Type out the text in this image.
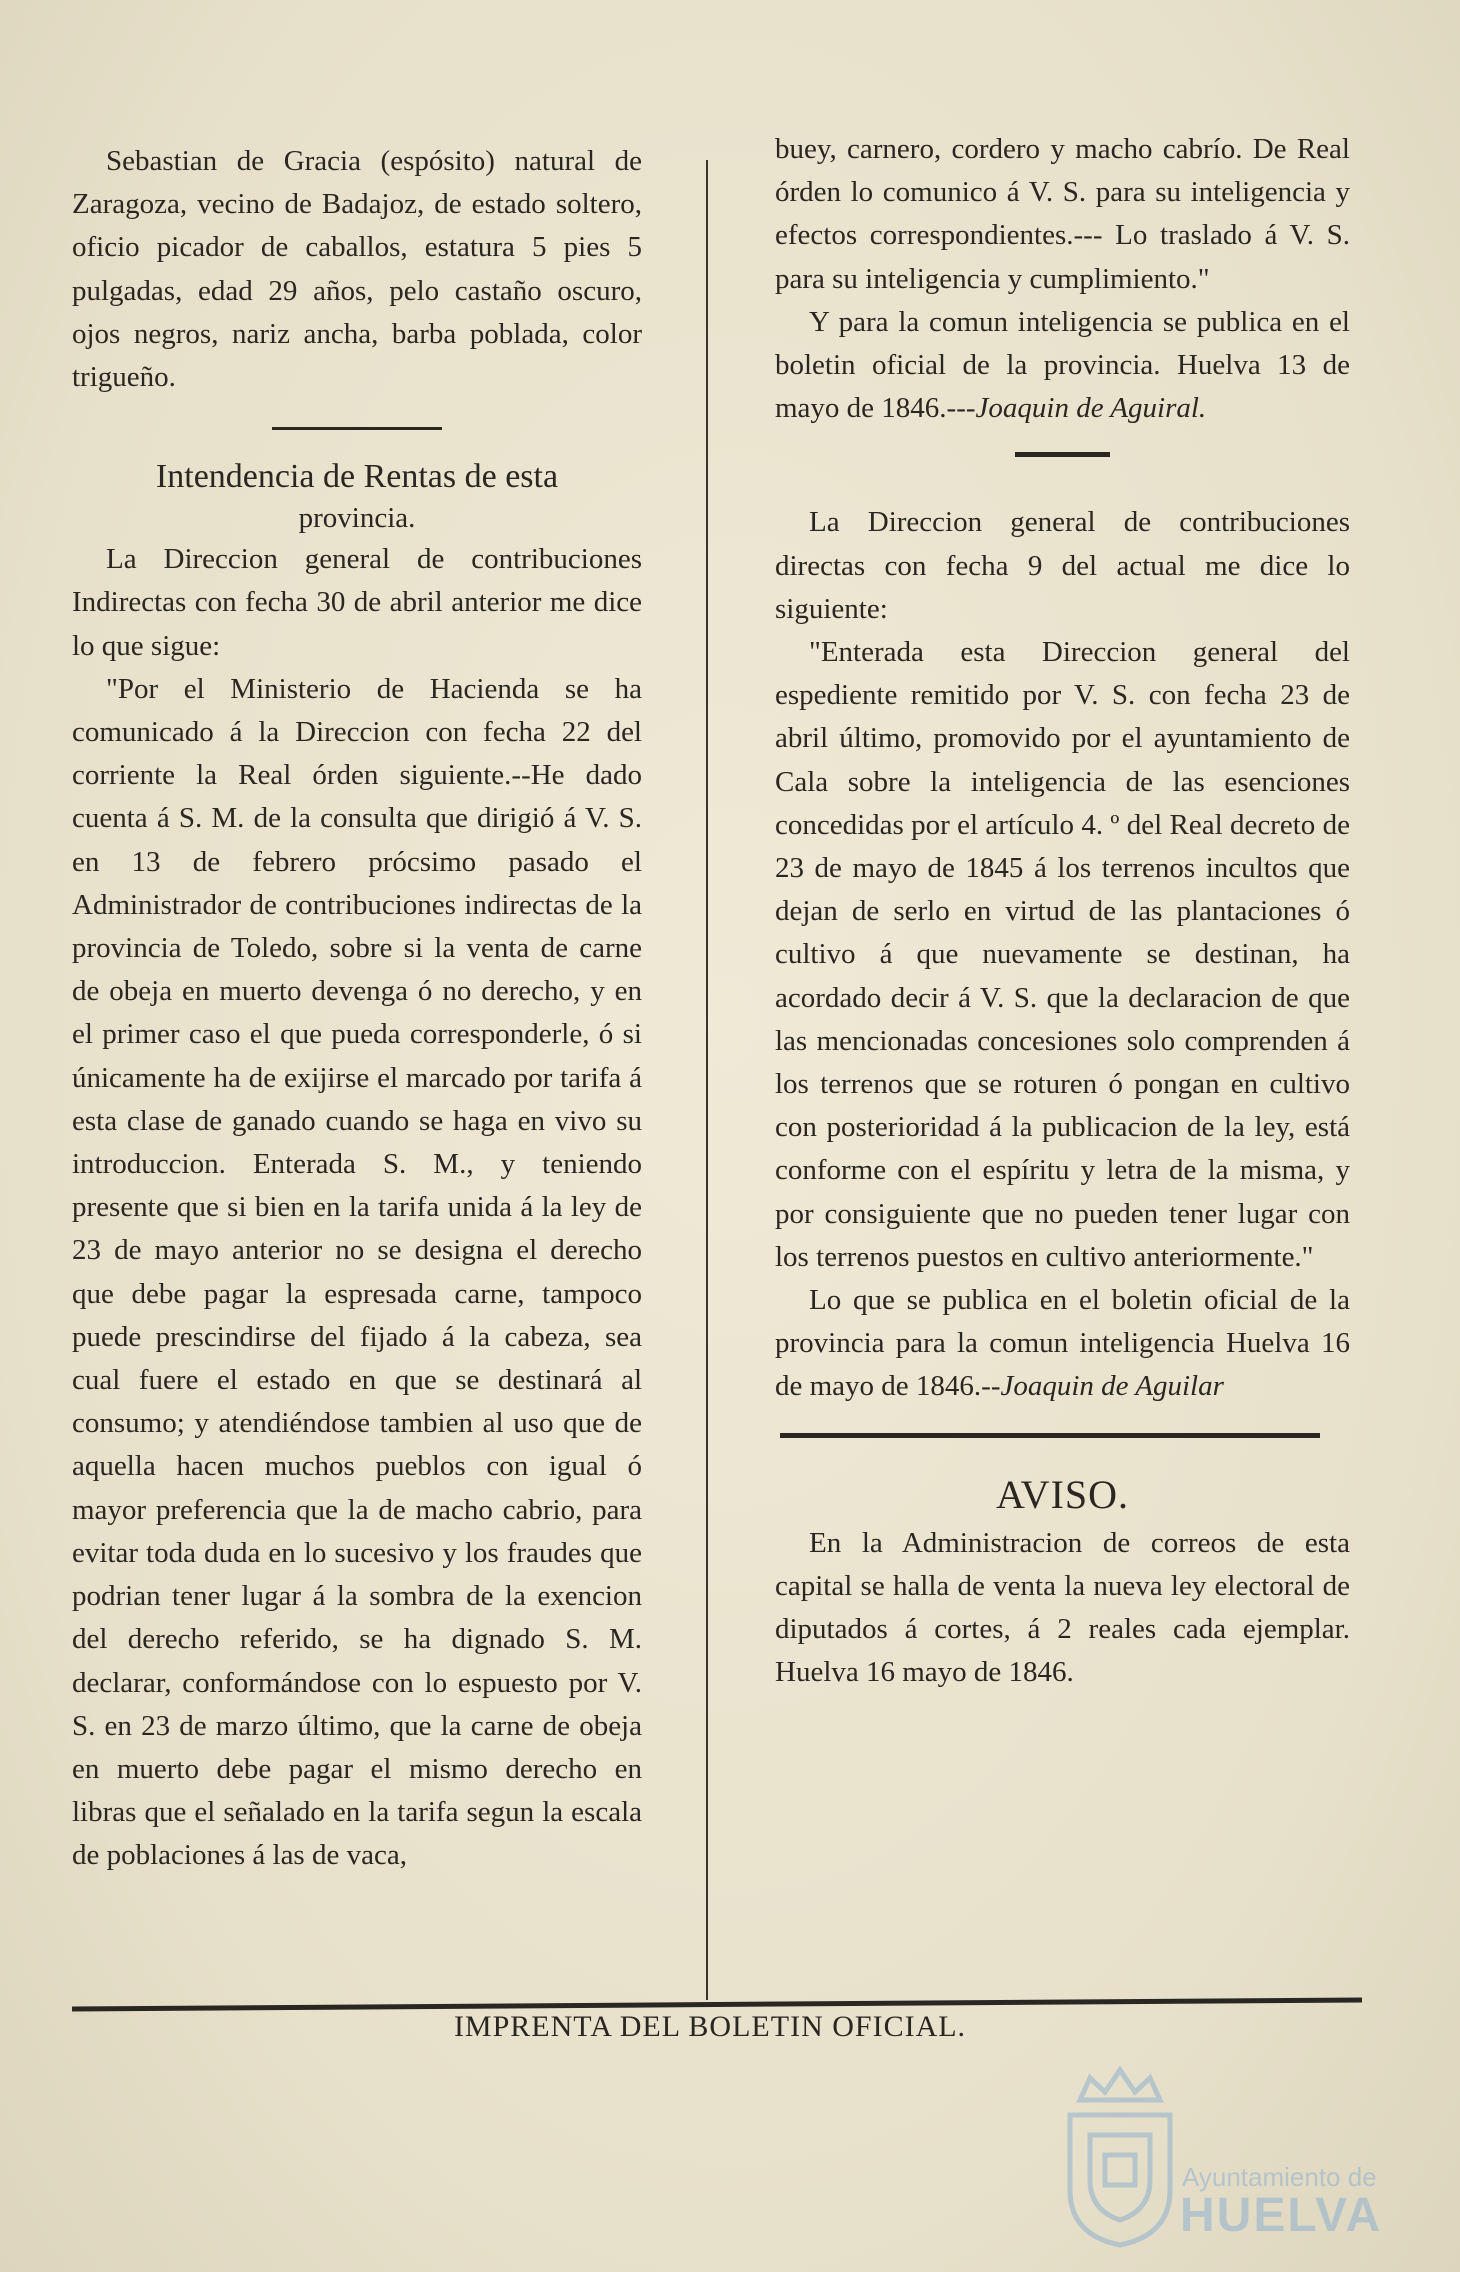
Sebastian de Gracia (espósito) natural de Zaragoza, vecino de Badajoz, de estado soltero, oficio picador de caballos, estatura 5 pies 5 pulgadas, edad 29 años, pelo castaño oscuro, ojos negros, nariz ancha, barba poblada, color trigueño.

Intendencia de Rentas de esta

provincia.

La Direccion general de contribuciones Indirectas con fecha 30 de abril anterior me dice lo que sigue:

"Por el Ministerio de Hacienda se ha comunicado á la Direccion con fecha 22 del corriente la Real órden siguiente.--He dado cuenta á S. M. de la consulta que dirigió á V. S. en 13 de febrero prócsimo pasado el Administrador de contribuciones indirectas de la provincia de Toledo, sobre si la venta de carne de obeja en muerto devenga ó no derecho, y en el primer caso el que pueda corresponderle, ó si únicamente ha de exijirse el marcado por tarifa á esta clase de ganado cuando se haga en vivo su introduccion. Enterada S. M., y teniendo presente que si bien en la tarifa unida á la ley de 23 de mayo anterior no se designa el derecho que debe pagar la espresada carne, tampoco puede prescindirse del fijado á la cabeza, sea cual fuere el estado en que se destinará al consumo; y atendiéndose tambien al uso que de aquella hacen muchos pueblos con igual ó mayor preferencia que la de macho cabrio, para evitar toda duda en lo sucesivo y los fraudes que podrian tener lugar á la sombra de la exencion del derecho referido, se ha dignado S. M. declarar, conformándose con lo espuesto por V. S. en 23 de marzo último, que la carne de obeja en muerto debe pagar el mismo derecho en libras que el señalado en la tarifa segun la escala de poblaciones á las de vaca,

buey, carnero, cordero y macho cabrío. De Real órden lo comunico á V. S. para su inteligencia y efectos correspondientes.--- Lo traslado á V. S. para su inteligencia y cumplimiento."

Y para la comun inteligencia se publica en el boletin oficial de la provincia. Huelva 13 de mayo de 1846.---Joaquin de Aguiral.

La Direccion general de contribuciones directas con fecha 9 del actual me dice lo siguiente:

"Enterada esta Direccion general del espediente remitido por V. S. con fecha 23 de abril último, promovido por el ayuntamiento de Cala sobre la inteligencia de las esenciones concedidas por el artículo 4. º del Real decreto de 23 de mayo de 1845 á los terrenos incultos que dejan de serlo en virtud de las plantaciones ó cultivo á que nuevamente se destinan, ha acordado decir á V. S. que la declaracion de que las mencionadas concesiones solo comprenden á los terrenos que se roturen ó pongan en cultivo con posterioridad á la publicacion de la ley, está conforme con el espíritu y letra de la misma, y por consiguiente que no pueden tener lugar con los terrenos puestos en cultivo anteriormente."

Lo que se publica en el boletin oficial de la provincia para la comun inteligencia Huelva 16 de mayo de 1846.--Joaquin de Aguilar

AVISO.

En la Administracion de correos de esta capital se halla de venta la nueva ley electoral de diputados á cortes, á 2 reales cada ejemplar. Huelva 16 mayo de 1846.

IMPRENTA DEL BOLETIN OFICIAL.
Ayuntamiento de
HUELVA
